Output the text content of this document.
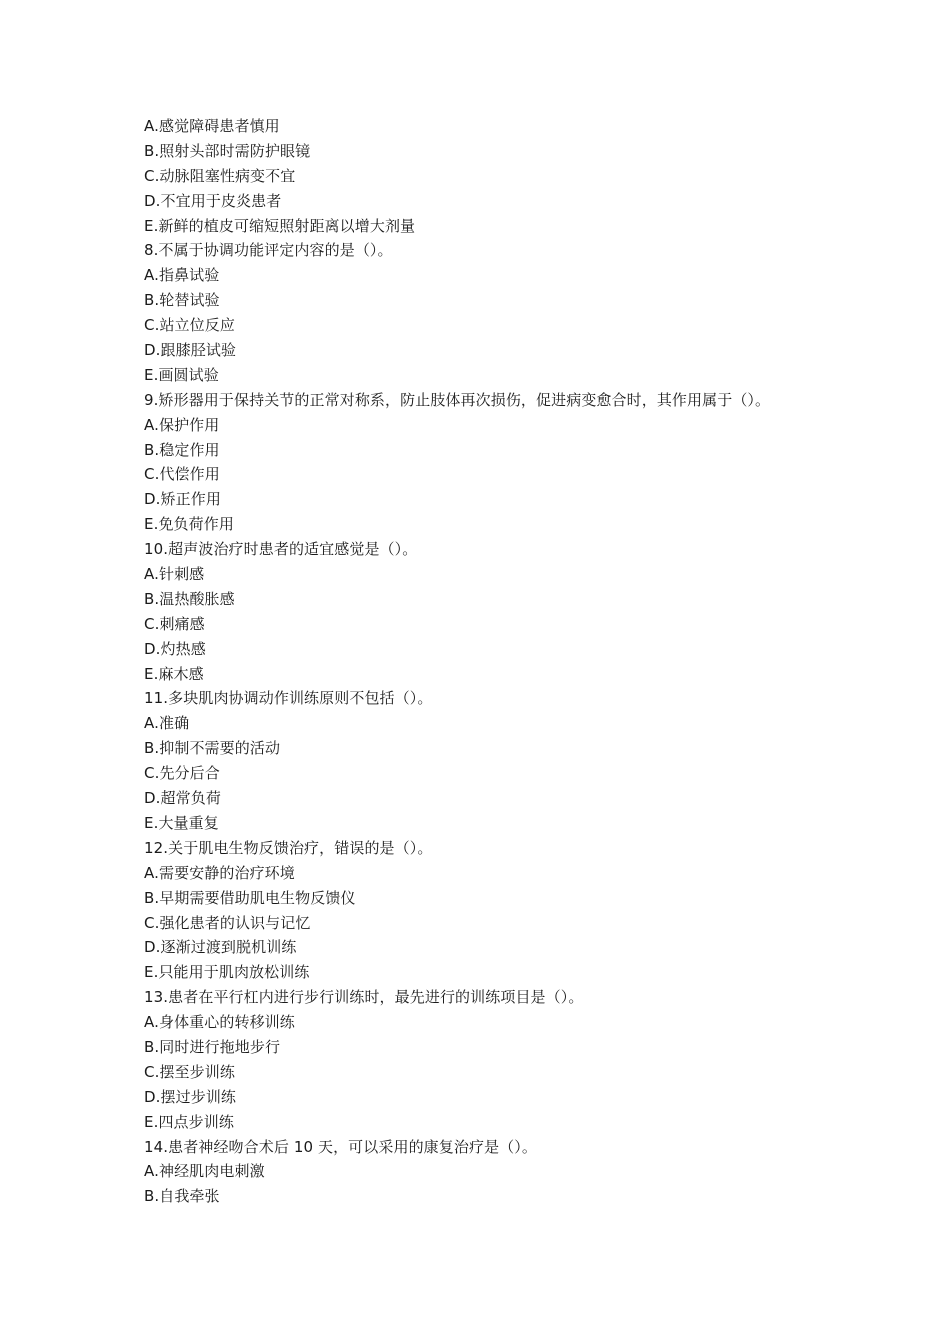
A.感觉障碍患者慎用
B.照射头部时需防护眼镜
C.动脉阻塞性病变不宜
D.不宜用于皮炎患者
E.新鲜的植皮可缩短照射距离以增大剂量
8.不属于协调功能评定内容的是（）。
A.指鼻试验
B.轮替试验
C.站立位反应
D.跟膝胫试验
E.画圆试验
9.矫形器用于保持关节的正常对称系，防止肢体再次损伤，促进病变愈合时，其作用属于（）。
A.保护作用
B.稳定作用
C.代偿作用
D.矫正作用
E.免负荷作用
10.超声波治疗时患者的适宜感觉是（）。
A.针刺感
B.温热酸胀感
C.刺痛感
D.灼热感
E.麻木感
11.多块肌肉协调动作训练原则不包括（）。
A.准确
B.抑制不需要的活动
C.先分后合
D.超常负荷
E.大量重复
12.关于肌电生物反馈治疗，错误的是（）。
A.需要安静的治疗环境
B.早期需要借助肌电生物反馈仪
C.强化患者的认识与记忆
D.逐渐过渡到脱机训练
E.只能用于肌肉放松训练
13.患者在平行杠内进行步行训练时，最先进行的训练项目是（）。
A.身体重心的转移训练
B.同时进行拖地步行
C.摆至步训练
D.摆过步训练
E.四点步训练
14.患者神经吻合术后 10 天，可以采用的康复治疗是（）。
A.神经肌肉电刺激
B.自我牵张
